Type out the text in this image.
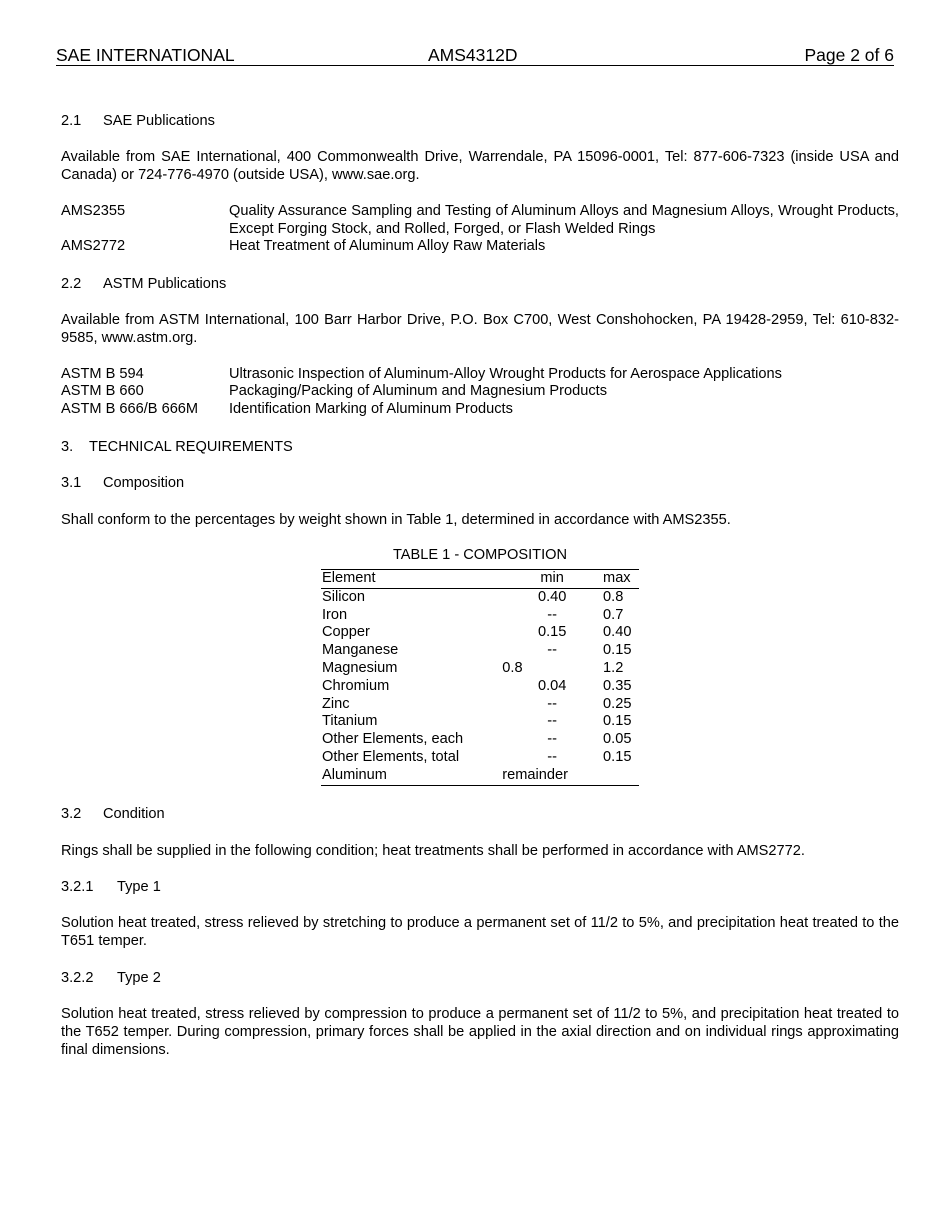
SAE INTERNATIONAL	AMS4312D	Page 2 of 6
2.1 SAE Publications

Available from SAE International, 400 Commonwealth Drive, Warrendale, PA 15096-0001, Tel: 877-606-7323 (inside USA and Canada) or 724-776-4970 (outside USA), www.sae.org.

AMS2355	Quality Assurance Sampling and Testing of Aluminum Alloys and Magnesium Alloys, Wrought Products, Except Forging Stock, and Rolled, Forged, or Flash Welded Rings
AMS2772	Heat Treatment of Aluminum Alloy Raw Materials
2.2 ASTM Publications

Available from ASTM International, 100 Barr Harbor Drive, P.O. Box C700, West Conshohocken, PA 19428-2959, Tel: 610-832-9585, www.astm.org.

ASTM B 594	Ultrasonic Inspection of Aluminum-Alloy Wrought Products for Aerospace Applications
ASTM B 660	Packaging/Packing of Aluminum and Magnesium Products
ASTM B 666/B 666M	Identification Marking of Aluminum Products
3. TECHNICAL REQUIREMENTS
3.1 Composition

Shall conform to the percentages by weight shown in Table 1, determined in accordance with AMS2355.

TABLE 1 - COMPOSITION
Element	min	max
Silicon	0.40	0.8
Iron	--	0.7
Copper	0.15	0.40
Manganese	--	0.15
Magnesium	0.8	1.2
Chromium	0.04	0.35
Zinc	--	0.25
Titanium	--	0.15
Other Elements, each	--	0.05
Other Elements, total	--	0.15
Aluminum	remainder	
3.2 Condition

Rings shall be supplied in the following condition; heat treatments shall be performed in accordance with AMS2772.

3.2.1 Type 1

Solution heat treated, stress relieved by stretching to produce a permanent set of 11/2 to 5%, and precipitation heat treated to the T651 temper.

3.2.2 Type 2

Solution heat treated, stress relieved by compression to produce a permanent set of 11/2 to 5%, and precipitation heat treated to the T652 temper. During compression, primary forces shall be applied in the axial direction and on individual rings approximating final dimensions.
